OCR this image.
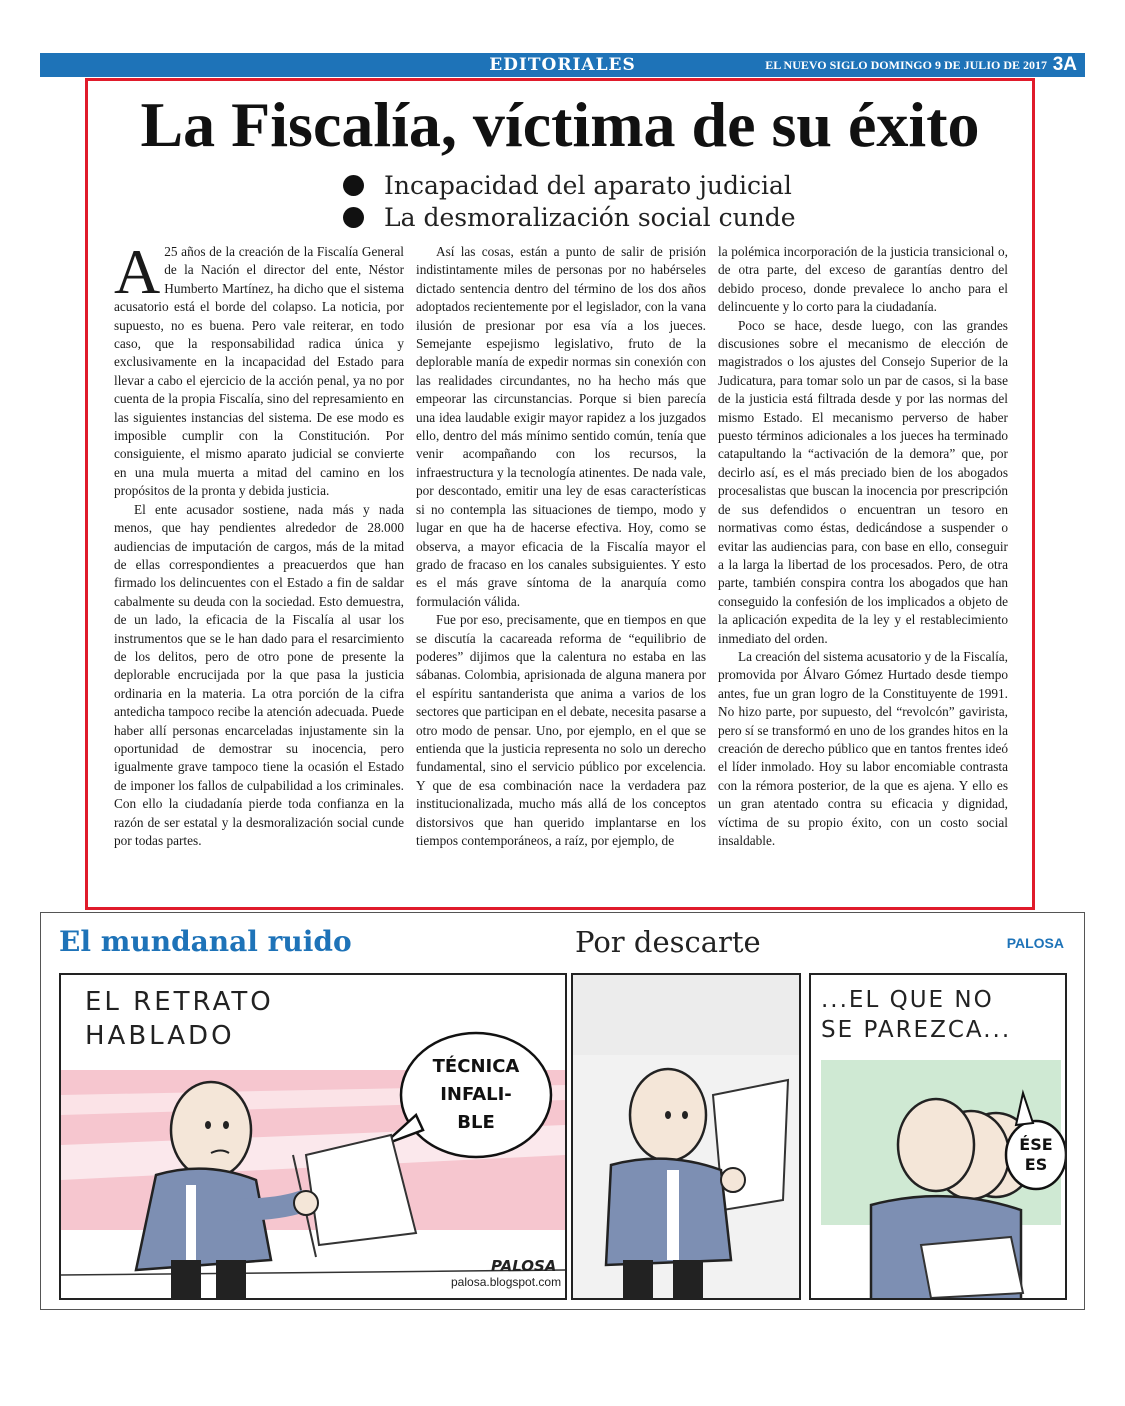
EDITORIALES	EL NUEVO SIGLO DOMINGO 9 DE JULIO DE 2017 3A
La Fiscalía, víctima de su éxito
Incapacidad del aparato judicial
La desmoralización social cunde

A 25 años de la creación de la Fiscalía General de la Nación el director del ente, Néstor Humberto Martínez, ha dicho que el sistema acusatorio está el borde del colapso. La noticia, por supuesto, no es buena. Pero vale reiterar, en todo caso, que la responsabilidad radica única y exclusivamente en la incapacidad del Estado para llevar a cabo el ejercicio de la acción penal, ya no por cuenta de la propia Fiscalía, sino del represamiento en las siguientes instancias del sistema. De ese modo es imposible cumplir con la Constitución. Por consiguiente, el mismo aparato judicial se convierte en una mula muerta a mitad del camino en los propósitos de la pronta y debida justicia.

El ente acusador sostiene, nada más y nada menos, que hay pendientes alrededor de 28.000 audiencias de imputación de cargos, más de la mitad de ellas correspondientes a preacuerdos que han firmado los delincuentes con el Estado a fin de saldar cabalmente su deuda con la sociedad. Esto demuestra, de un lado, la eficacia de la Fiscalía al usar los instrumentos que se le han dado para el resarcimiento de los delitos, pero de otro pone de presente la deplorable encrucijada por la que pasa la justicia ordinaria en la materia. La otra porción de la cifra antedicha tampoco recibe la atención adecuada. Puede haber allí personas encarceladas injustamente sin la oportunidad de demostrar su inocencia, pero igualmente grave tampoco tiene la ocasión el Estado de imponer los fallos de culpabilidad a los criminales. Con ello la ciudadanía pierde toda confianza en la razón de ser estatal y la desmoralización social cunde por todas partes.

Así las cosas, están a punto de salir de prisión indistintamente miles de personas por no habérseles dictado sentencia dentro del término de los dos años adoptados recientemente por el legislador, con la vana ilusión de presionar por esa vía a los jueces. Semejante espejismo legislativo, fruto de la deplorable manía de expedir normas sin conexión con las realidades circundantes, no ha hecho más que empeorar las circunstancias. Porque si bien parecía una idea laudable exigir mayor rapidez a los juzgados ello, dentro del más mínimo sentido común, tenía que venir acompañando con los recursos, la infraestructura y la tecnología atinentes. De nada vale, por descontado, emitir una ley de esas características si no contempla las situaciones de tiempo, modo y lugar en que ha de hacerse efectiva. Hoy, como se observa, a mayor eficacia de la Fiscalía mayor el grado de fracaso en los canales subsiguientes. Y esto es el más grave síntoma de la anarquía como formulación válida.

Fue por eso, precisamente, que en tiempos en que se discutía la cacareada reforma de “equilibrio de poderes” dijimos que la calentura no estaba en las sábanas. Colombia, aprisionada de alguna manera por el espíritu santanderista que anima a varios de los sectores que participan en el debate, necesita pasarse a otro modo de pensar. Uno, por ejemplo, en el que se entienda que la justicia representa no solo un derecho fundamental, sino el servicio público por excelencia. Y que de esa combinación nace la verdadera paz institucionalizada, mucho más allá de los conceptos distorsivos que han querido implantarse en los tiempos contemporáneos, a raíz, por ejemplo, de

la polémica incorporación de la justicia transicional o, de otra parte, del exceso de garantías dentro del debido proceso, donde prevalece lo ancho para el delincuente y lo corto para la ciudadanía.

Poco se hace, desde luego, con las grandes discusiones sobre el mecanismo de elección de magistrados o los ajustes del Consejo Superior de la Judicatura, para tomar solo un par de casos, si la base de la justicia está filtrada desde y por las normas del mismo Estado. El mecanismo perverso de haber puesto términos adicionales a los jueces ha terminado catapultando la “activación de la demora” que, por decirlo así, es el más preciado bien de los abogados procesalistas que buscan la inocencia por prescripción de sus defendidos o encuentran un tesoro en normativas como éstas, dedicándose a suspender o evitar las audiencias para, con base en ello, conseguir a la larga la libertad de los procesados. Pero, de otra parte, también conspira contra los abogados que han conseguido la confesión de los implicados a objeto de la aplicación expedita de la ley y el restablecimiento inmediato del orden.

La creación del sistema acusatorio y de la Fiscalía, promovida por Álvaro Gómez Hurtado desde tiempo antes, fue un gran logro de la Constituyente de 1991. No hizo parte, por supuesto, del “revolcón” gavirista, pero sí se transformó en uno de los grandes hitos en la creación de derecho público que en tantos frentes ideó el líder inmolado. Hoy su labor encomiable contrasta con la rémora posterior, de la que es ajena. Y ello es un gran atentado contra su eficacia y dignidad, víctima de su propio éxito, con un costo social insaldable.

El mundanal ruido	Por descarte	PALOSA
EL RETRATO
HABLADO
TÉCNICA
INFALI-
BLE
PALOSA
palosa.blogspot.com
...EL QUE NO
SE PAREZCA...
ÉSE
ES
